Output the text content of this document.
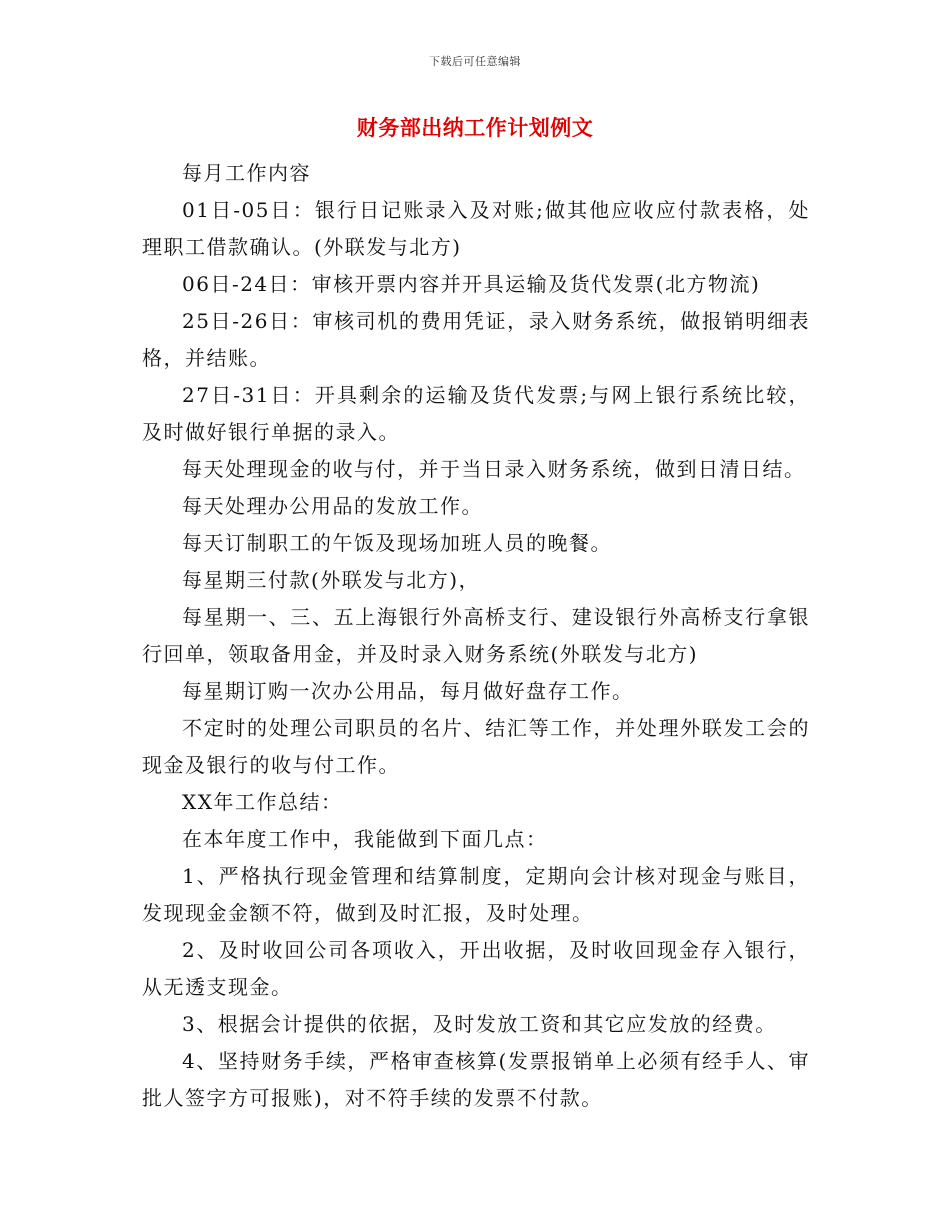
下载后可任意编辑
财务部出纳工作计划例文

每月工作内容

01日-05日：银行日记账录入及对账;做其他应收应付款表格，处理职工借款确认。(外联发与北方)

06日-24日：审核开票内容并开具运输及货代发票(北方物流)

25日-26日：审核司机的费用凭证，录入财务系统，做报销明细表格，并结账。

27日-31日：开具剩余的运输及货代发票;与网上银行系统比较，及时做好银行单据的录入。

每天处理现金的收与付，并于当日录入财务系统，做到日清日结。

每天处理办公用品的发放工作。

每天订制职工的午饭及现场加班人员的晚餐。

每星期三付款(外联发与北方)，

每星期一、三、五上海银行外高桥支行、建设银行外高桥支行拿银行回单，领取备用金，并及时录入财务系统(外联发与北方)

每星期订购一次办公用品，每月做好盘存工作。

不定时的处理公司职员的名片、结汇等工作，并处理外联发工会的现金及银行的收与付工作。

XX年工作总结：

在本年度工作中，我能做到下面几点：

1、严格执行现金管理和结算制度，定期向会计核对现金与账目，发现现金金额不符，做到及时汇报，及时处理。

2、及时收回公司各项收入，开出收据，及时收回现金存入银行，从无透支现金。

3、根据会计提供的依据，及时发放工资和其它应发放的经费。

4、坚持财务手续，严格审查核算(发票报销单上必须有经手人、审批人签字方可报账)，对不符手续的发票不付款。
